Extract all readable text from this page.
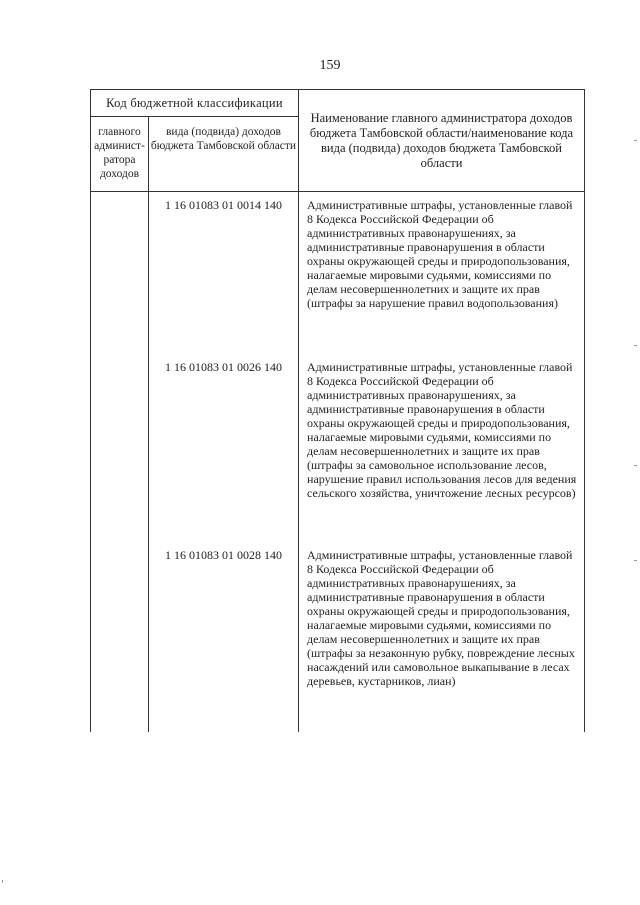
159
Код бюджетной классификации		Наименование главного администратора доходов бюджета Тамбовской области/наименование кода вида (подвида) доходов бюджета Тамбовской области
главного админист-ратора доходов	вида (подвида) доходов бюджета Тамбовской области	
	1 16 01083 01 0014 140	Административные штрафы, установленные главой 8 Кодекса Российской Федерации об административных правонарушениях, за административные правонарушения в области охраны окружающей среды и природопользования, налагаемые мировыми судьями, комиссиями по делам несовершеннолетних и защите их прав (штрафы за нарушение правил водопользования)
	1 16 01083 01 0026 140	Административные штрафы, установленные главой 8 Кодекса Российской Федерации об административных правонарушениях, за административные правонарушения в области охраны окружающей среды и природопользования, налагаемые мировыми судьями, комиссиями по делам несовершеннолетних и защите их прав (штрафы за самовольное использование лесов, нарушение правил использования лесов для ведения сельского хозяйства, уничтожение лесных ресурсов)
	1 16 01083 01 0028 140	Административные штрафы, установленные главой 8 Кодекса Российской Федерации об административных правонарушениях, за административные правонарушения в области охраны окружающей среды и природопользования, налагаемые мировыми судьями, комиссиями по делам несовершеннолетних и защите их прав (штрафы за незаконную рубку, повреждение лесных насаждений или самовольное выкапывание в лесах деревьев, кустарников, лиан)
